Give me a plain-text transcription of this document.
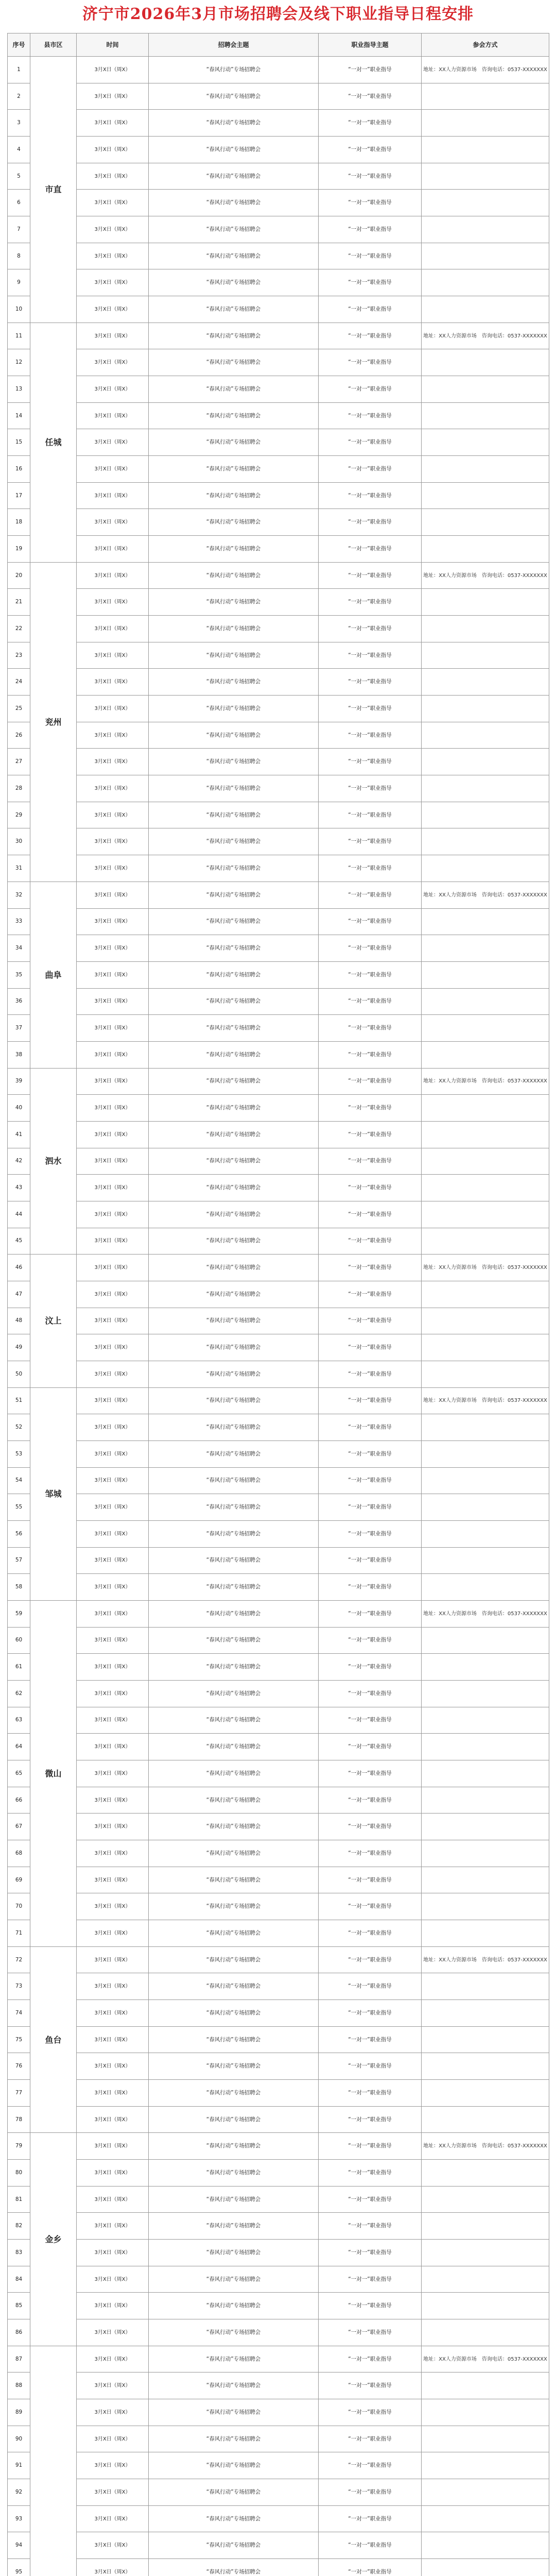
济宁市2026年3月市场招聘会及线下职业指导日程安排
序号	县市区	时间	招聘会主题	职业指导主题	参会方式
1	市直	3月X日（周X）	“春风行动”专场招聘会	“一对一”职业指导	地址：XX人力资源市场　咨询电话：0537-XXXXXXX
2		3月X日（周X）	“春风行动”专场招聘会	“一对一”职业指导	
3		3月X日（周X）	“春风行动”专场招聘会	“一对一”职业指导	
4		3月X日（周X）	“春风行动”专场招聘会	“一对一”职业指导	
5		3月X日（周X）	“春风行动”专场招聘会	“一对一”职业指导	
6		3月X日（周X）	“春风行动”专场招聘会	“一对一”职业指导	
7		3月X日（周X）	“春风行动”专场招聘会	“一对一”职业指导	
8		3月X日（周X）	“春风行动”专场招聘会	“一对一”职业指导	
9		3月X日（周X）	“春风行动”专场招聘会	“一对一”职业指导	
10		3月X日（周X）	“春风行动”专场招聘会	“一对一”职业指导	
11	任城	3月X日（周X）	“春风行动”专场招聘会	“一对一”职业指导	地址：XX人力资源市场　咨询电话：0537-XXXXXXX
12		3月X日（周X）	“春风行动”专场招聘会	“一对一”职业指导	
13		3月X日（周X）	“春风行动”专场招聘会	“一对一”职业指导	
14		3月X日（周X）	“春风行动”专场招聘会	“一对一”职业指导	
15		3月X日（周X）	“春风行动”专场招聘会	“一对一”职业指导	
16		3月X日（周X）	“春风行动”专场招聘会	“一对一”职业指导	
17		3月X日（周X）	“春风行动”专场招聘会	“一对一”职业指导	
18		3月X日（周X）	“春风行动”专场招聘会	“一对一”职业指导	
19		3月X日（周X）	“春风行动”专场招聘会	“一对一”职业指导	
20	兖州	3月X日（周X）	“春风行动”专场招聘会	“一对一”职业指导	地址：XX人力资源市场　咨询电话：0537-XXXXXXX
21		3月X日（周X）	“春风行动”专场招聘会	“一对一”职业指导	
22		3月X日（周X）	“春风行动”专场招聘会	“一对一”职业指导	
23		3月X日（周X）	“春风行动”专场招聘会	“一对一”职业指导	
24		3月X日（周X）	“春风行动”专场招聘会	“一对一”职业指导	
25		3月X日（周X）	“春风行动”专场招聘会	“一对一”职业指导	
26		3月X日（周X）	“春风行动”专场招聘会	“一对一”职业指导	
27		3月X日（周X）	“春风行动”专场招聘会	“一对一”职业指导	
28		3月X日（周X）	“春风行动”专场招聘会	“一对一”职业指导	
29		3月X日（周X）	“春风行动”专场招聘会	“一对一”职业指导	
30		3月X日（周X）	“春风行动”专场招聘会	“一对一”职业指导	
31		3月X日（周X）	“春风行动”专场招聘会	“一对一”职业指导	
32	曲阜	3月X日（周X）	“春风行动”专场招聘会	“一对一”职业指导	地址：XX人力资源市场　咨询电话：0537-XXXXXXX
33		3月X日（周X）	“春风行动”专场招聘会	“一对一”职业指导	
34		3月X日（周X）	“春风行动”专场招聘会	“一对一”职业指导	
35		3月X日（周X）	“春风行动”专场招聘会	“一对一”职业指导	
36		3月X日（周X）	“春风行动”专场招聘会	“一对一”职业指导	
37		3月X日（周X）	“春风行动”专场招聘会	“一对一”职业指导	
38		3月X日（周X）	“春风行动”专场招聘会	“一对一”职业指导	
39	泗水	3月X日（周X）	“春风行动”专场招聘会	“一对一”职业指导	地址：XX人力资源市场　咨询电话：0537-XXXXXXX
40		3月X日（周X）	“春风行动”专场招聘会	“一对一”职业指导	
41		3月X日（周X）	“春风行动”专场招聘会	“一对一”职业指导	
42		3月X日（周X）	“春风行动”专场招聘会	“一对一”职业指导	
43		3月X日（周X）	“春风行动”专场招聘会	“一对一”职业指导	
44		3月X日（周X）	“春风行动”专场招聘会	“一对一”职业指导	
45		3月X日（周X）	“春风行动”专场招聘会	“一对一”职业指导	
46	汶上	3月X日（周X）	“春风行动”专场招聘会	“一对一”职业指导	地址：XX人力资源市场　咨询电话：0537-XXXXXXX
47		3月X日（周X）	“春风行动”专场招聘会	“一对一”职业指导	
48		3月X日（周X）	“春风行动”专场招聘会	“一对一”职业指导	
49		3月X日（周X）	“春风行动”专场招聘会	“一对一”职业指导	
50		3月X日（周X）	“春风行动”专场招聘会	“一对一”职业指导	
51	邹城	3月X日（周X）	“春风行动”专场招聘会	“一对一”职业指导	地址：XX人力资源市场　咨询电话：0537-XXXXXXX
52		3月X日（周X）	“春风行动”专场招聘会	“一对一”职业指导	
53		3月X日（周X）	“春风行动”专场招聘会	“一对一”职业指导	
54		3月X日（周X）	“春风行动”专场招聘会	“一对一”职业指导	
55		3月X日（周X）	“春风行动”专场招聘会	“一对一”职业指导	
56		3月X日（周X）	“春风行动”专场招聘会	“一对一”职业指导	
57		3月X日（周X）	“春风行动”专场招聘会	“一对一”职业指导	
58		3月X日（周X）	“春风行动”专场招聘会	“一对一”职业指导	
59	微山	3月X日（周X）	“春风行动”专场招聘会	“一对一”职业指导	地址：XX人力资源市场　咨询电话：0537-XXXXXXX
60		3月X日（周X）	“春风行动”专场招聘会	“一对一”职业指导	
61		3月X日（周X）	“春风行动”专场招聘会	“一对一”职业指导	
62		3月X日（周X）	“春风行动”专场招聘会	“一对一”职业指导	
63		3月X日（周X）	“春风行动”专场招聘会	“一对一”职业指导	
64		3月X日（周X）	“春风行动”专场招聘会	“一对一”职业指导	
65		3月X日（周X）	“春风行动”专场招聘会	“一对一”职业指导	
66		3月X日（周X）	“春风行动”专场招聘会	“一对一”职业指导	
67		3月X日（周X）	“春风行动”专场招聘会	“一对一”职业指导	
68		3月X日（周X）	“春风行动”专场招聘会	“一对一”职业指导	
69		3月X日（周X）	“春风行动”专场招聘会	“一对一”职业指导	
70		3月X日（周X）	“春风行动”专场招聘会	“一对一”职业指导	
71		3月X日（周X）	“春风行动”专场招聘会	“一对一”职业指导	
72	鱼台	3月X日（周X）	“春风行动”专场招聘会	“一对一”职业指导	地址：XX人力资源市场　咨询电话：0537-XXXXXXX
73		3月X日（周X）	“春风行动”专场招聘会	“一对一”职业指导	
74		3月X日（周X）	“春风行动”专场招聘会	“一对一”职业指导	
75		3月X日（周X）	“春风行动”专场招聘会	“一对一”职业指导	
76		3月X日（周X）	“春风行动”专场招聘会	“一对一”职业指导	
77		3月X日（周X）	“春风行动”专场招聘会	“一对一”职业指导	
78		3月X日（周X）	“春风行动”专场招聘会	“一对一”职业指导	
79	金乡	3月X日（周X）	“春风行动”专场招聘会	“一对一”职业指导	地址：XX人力资源市场　咨询电话：0537-XXXXXXX
80		3月X日（周X）	“春风行动”专场招聘会	“一对一”职业指导	
81		3月X日（周X）	“春风行动”专场招聘会	“一对一”职业指导	
82		3月X日（周X）	“春风行动”专场招聘会	“一对一”职业指导	
83		3月X日（周X）	“春风行动”专场招聘会	“一对一”职业指导	
84		3月X日（周X）	“春风行动”专场招聘会	“一对一”职业指导	
85		3月X日（周X）	“春风行动”专场招聘会	“一对一”职业指导	
86		3月X日（周X）	“春风行动”专场招聘会	“一对一”职业指导	
87		3月X日（周X）	“春风行动”专场招聘会	“一对一”职业指导	地址：XX人力资源市场　咨询电话：0537-XXXXXXX
88		3月X日（周X）	“春风行动”专场招聘会	“一对一”职业指导	
89		3月X日（周X）	“春风行动”专场招聘会	“一对一”职业指导	
90		3月X日（周X）	“春风行动”专场招聘会	“一对一”职业指导	
91		3月X日（周X）	“春风行动”专场招聘会	“一对一”职业指导	
92		3月X日（周X）	“春风行动”专场招聘会	“一对一”职业指导	
93		3月X日（周X）	“春风行动”专场招聘会	“一对一”职业指导	
94		3月X日（周X）	“春风行动”专场招聘会	“一对一”职业指导	
95		3月X日（周X）	“春风行动”专场招聘会	“一对一”职业指导	
